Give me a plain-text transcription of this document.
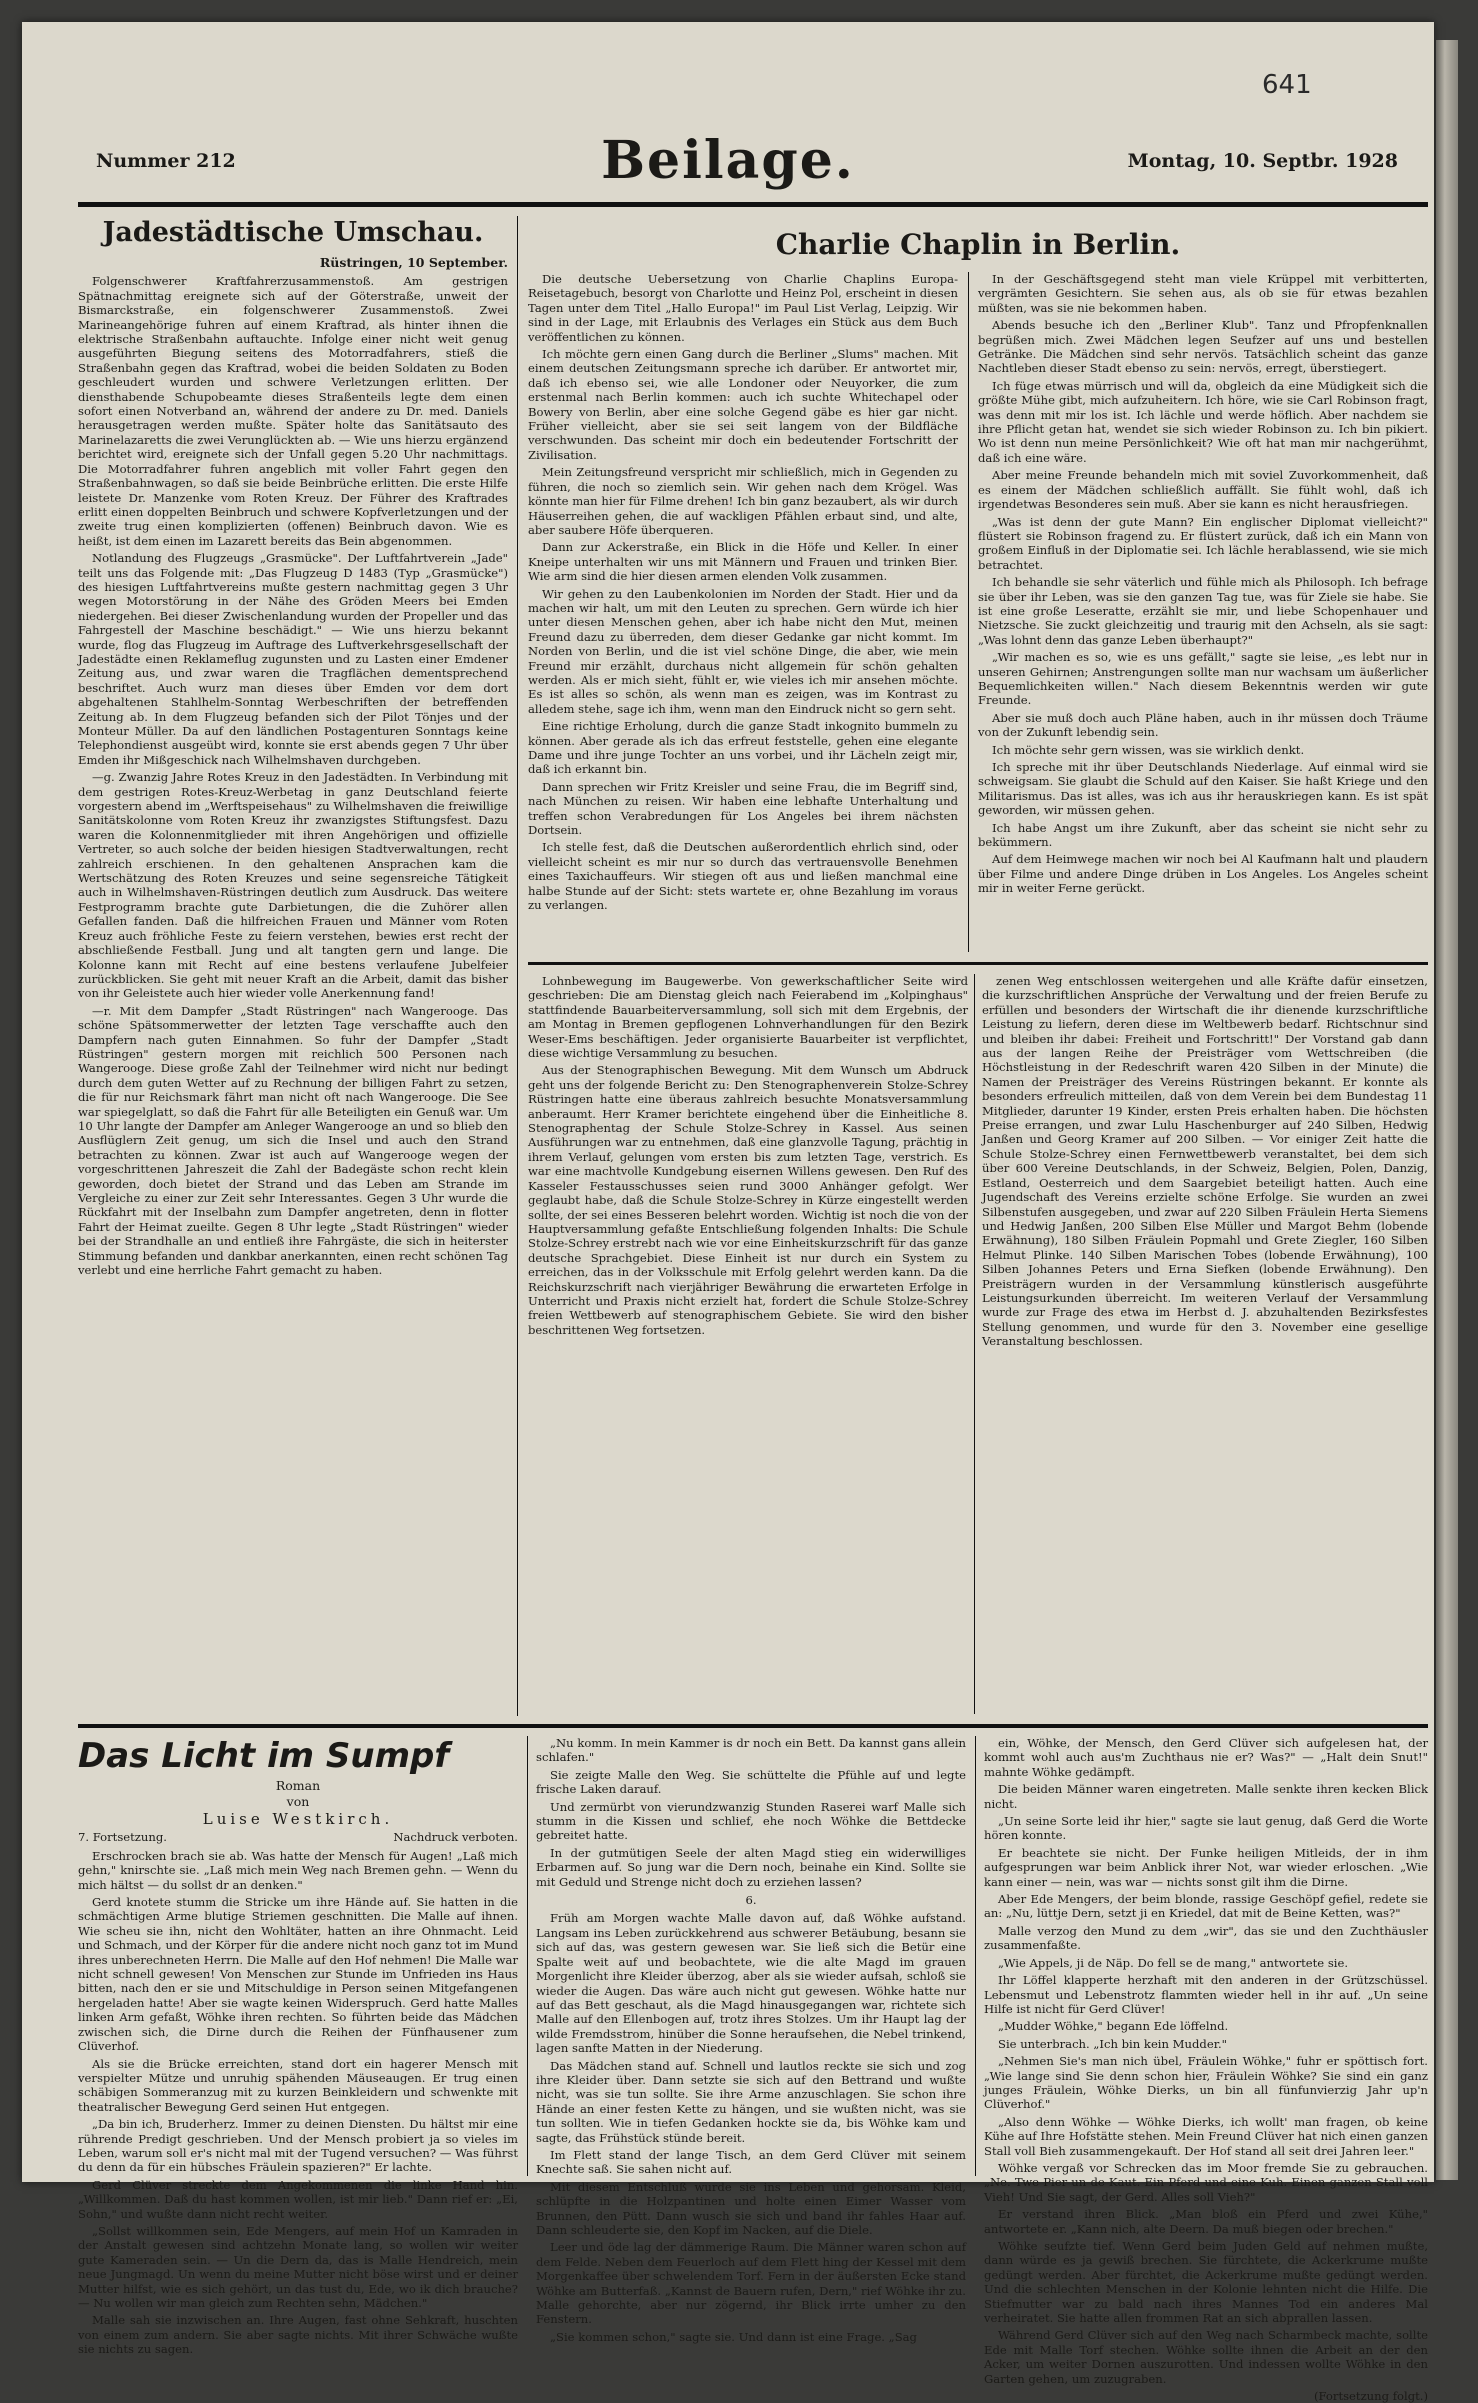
641
Nummer 212	Beilage.	Montag, 10. Septbr. 1928
Jadestädtische Umschau.
Rüstringen, 10 September.

Folgenschwerer Kraftfahrerzusammenstoß. Am gestrigen Spätnachmittag ereignete sich auf der Göterstraße, unweit der Bismarckstraße, ein folgenschwerer Zusammenstoß. Zwei Marineangehörige fuhren auf einem Kraftrad, als hinter ihnen die elektrische Straßenbahn auftauchte. Infolge einer nicht weit genug ausgeführten Biegung seitens des Motorradfahrers, stieß die Straßenbahn gegen das Kraftrad, wobei die beiden Soldaten zu Boden geschleudert wurden und schwere Verletzungen erlitten. Der diensthabende Schupobeamte dieses Straßenteils legte dem einen sofort einen Notverband an, während der andere zu Dr. med. Daniels herausgetragen werden mußte. Später holte das Sanitätsauto des Marinelazaretts die zwei Verunglückten ab. — Wie uns hierzu ergänzend berichtet wird, ereignete sich der Unfall gegen 5.20 Uhr nachmittags. Die Motorradfahrer fuhren angeblich mit voller Fahrt gegen den Straßenbahnwagen, so daß sie beide Beinbrüche erlitten. Die erste Hilfe leistete Dr. Manzenke vom Roten Kreuz. Der Führer des Kraftrades erlitt einen doppelten Beinbruch und schwere Kopfverletzungen und der zweite trug einen komplizierten (offenen) Beinbruch davon. Wie es heißt, ist dem einen im Lazarett bereits das Bein abgenommen.

Notlandung des Flugzeugs „Grasmücke". Der Luftfahrtverein „Jade" teilt uns das Folgende mit: „Das Flugzeug D 1483 (Typ „Grasmücke") des hiesigen Luftfahrtvereins mußte gestern nachmittag gegen 3 Uhr wegen Motorstörung in der Nähe des Gröden Meers bei Emden niedergehen. Bei dieser Zwischenlandung wurden der Propeller und das Fahrgestell der Maschine beschädigt." — Wie uns hierzu bekannt wurde, flog das Flugzeug im Auftrage des Luftverkehrsgesellschaft der Jadestädte einen Reklameflug zugunsten und zu Lasten einer Emdener Zeitung aus, und zwar waren die Tragflächen dementsprechend beschriftet. Auch wurz man dieses über Emden vor dem dort abgehaltenen Stahlhelm-Sonntag Werbeschriften der betreffenden Zeitung ab. In dem Flugzeug befanden sich der Pilot Tönjes und der Monteur Müller. Da auf den ländlichen Postagenturen Sonntags keine Telephondienst ausgeübt wird, konnte sie erst abends gegen 7 Uhr über Emden ihr Mißgeschick nach Wilhelmshaven durchgeben.

—g. Zwanzig Jahre Rotes Kreuz in den Jadestädten. In Verbindung mit dem gestrigen Rotes-Kreuz-Werbetag in ganz Deutschland feierte vorgestern abend im „Werftspeisehaus" zu Wilhelmshaven die freiwillige Sanitätskolonne vom Roten Kreuz ihr zwanzigstes Stiftungsfest. Dazu waren die Kolonnenmitglieder mit ihren Angehörigen und offizielle Vertreter, so auch solche der beiden hiesigen Stadtverwaltungen, recht zahlreich erschienen. In den gehaltenen Ansprachen kam die Wertschätzung des Roten Kreuzes und seine segensreiche Tätigkeit auch in Wilhelmshaven-Rüstringen deutlich zum Ausdruck. Das weitere Festprogramm brachte gute Darbietungen, die die Zuhörer allen Gefallen fanden. Daß die hilfreichen Frauen und Männer vom Roten Kreuz auch fröhliche Feste zu feiern verstehen, bewies erst recht der abschließende Festball. Jung und alt tangten gern und lange. Die Kolonne kann mit Recht auf eine bestens verlaufene Jubelfeier zurückblicken. Sie geht mit neuer Kraft an die Arbeit, damit das bisher von ihr Geleistete auch hier wieder volle Anerkennung fand!

—r. Mit dem Dampfer „Stadt Rüstringen" nach Wangerooge. Das schöne Spätsommerwetter der letzten Tage verschaffte auch den Dampfern nach guten Einnahmen. So fuhr der Dampfer „Stadt Rüstringen" gestern morgen mit reichlich 500 Personen nach Wangerooge. Diese große Zahl der Teilnehmer wird nicht nur bedingt durch dem guten Wetter auf zu Rechnung der billigen Fahrt zu setzen, die für nur Reichsmark fährt man nicht oft nach Wangerooge. Die See war spiegelglatt, so daß die Fahrt für alle Beteiligten ein Genuß war. Um 10 Uhr langte der Dampfer am Anleger Wangerooge an und so blieb den Ausflüglern Zeit genug, um sich die Insel und auch den Strand betrachten zu können. Zwar ist auch auf Wangerooge wegen der vorgeschrittenen Jahreszeit die Zahl der Badegäste schon recht klein geworden, doch bietet der Strand und das Leben am Strande im Vergleiche zu einer zur Zeit sehr Interessantes. Gegen 3 Uhr wurde die Rückfahrt mit der Inselbahn zum Dampfer angetreten, denn in flotter Fahrt der Heimat zueilte. Gegen 8 Uhr legte „Stadt Rüstringen" wieder bei der Strandhalle an und entließ ihre Fahrgäste, die sich in heiterster Stimmung befanden und dankbar anerkannten, einen recht schönen Tag verlebt und eine herrliche Fahrt gemacht zu haben.

Charlie Chaplin in Berlin.

Die deutsche Uebersetzung von Charlie Chaplins Europa-Reisetagebuch, besorgt von Charlotte und Heinz Pol, erscheint in diesen Tagen unter dem Titel „Hallo Europa!" im Paul List Verlag, Leipzig. Wir sind in der Lage, mit Erlaubnis des Verlages ein Stück aus dem Buch veröffentlichen zu können.

Ich möchte gern einen Gang durch die Berliner „Slums" machen. Mit einem deutschen Zeitungsmann spreche ich darüber. Er antwortet mir, daß ich ebenso sei, wie alle Londoner oder Neuyorker, die zum erstenmal nach Berlin kommen: auch ich suchte Whitechapel oder Bowery von Berlin, aber eine solche Gegend gäbe es hier gar nicht. Früher vielleicht, aber sie sei seit langem von der Bildfläche verschwunden. Das scheint mir doch ein bedeutender Fortschritt der Zivilisation.

Mein Zeitungsfreund verspricht mir schließlich, mich in Gegenden zu führen, die noch so ziemlich sein. Wir gehen nach dem Krögel. Was könnte man hier für Filme drehen! Ich bin ganz bezaubert, als wir durch Häuserreihen gehen, die auf wackligen Pfählen erbaut sind, und alte, aber saubere Höfe überqueren.

Dann zur Ackerstraße, ein Blick in die Höfe und Keller. In einer Kneipe unterhalten wir uns mit Männern und Frauen und trinken Bier. Wie arm sind die hier diesen armen elenden Volk zusammen.

Wir gehen zu den Laubenkolonien im Norden der Stadt. Hier und da machen wir halt, um mit den Leuten zu sprechen. Gern würde ich hier unter diesen Menschen gehen, aber ich habe nicht den Mut, meinen Freund dazu zu überreden, dem dieser Gedanke gar nicht kommt. Im Norden von Berlin, und die ist viel schöne Dinge, die aber, wie mein Freund mir erzählt, durchaus nicht allgemein für schön gehalten werden. Als er mich sieht, fühlt er, wie vieles ich mir ansehen möchte. Es ist alles so schön, als wenn man es zeigen, was im Kontrast zu alledem stehe, sage ich ihm, wenn man den Eindruck nicht so gern seht.

Eine richtige Erholung, durch die ganze Stadt inkognito bummeln zu können. Aber gerade als ich das erfreut feststelle, gehen eine elegante Dame und ihre junge Tochter an uns vorbei, und ihr Lächeln zeigt mir, daß ich erkannt bin.

Dann sprechen wir Fritz Kreisler und seine Frau, die im Begriff sind, nach München zu reisen. Wir haben eine lebhafte Unterhaltung und treffen schon Verabredungen für Los Angeles bei ihrem nächsten Dortsein.

Ich stelle fest, daß die Deutschen außerordentlich ehrlich sind, oder vielleicht scheint es mir nur so durch das vertrauensvolle Benehmen eines Taxichauffeurs. Wir stiegen oft aus und ließen manchmal eine halbe Stunde auf der Sicht: stets wartete er, ohne Bezahlung im voraus zu verlangen.

In der Geschäftsgegend steht man viele Krüppel mit verbitterten, vergrämten Gesichtern. Sie sehen aus, als ob sie für etwas bezahlen müßten, was sie nie bekommen haben.

Abends besuche ich den „Berliner Klub". Tanz und Pfropfenknallen begrüßen mich. Zwei Mädchen legen Seufzer auf uns und bestellen Getränke. Die Mädchen sind sehr nervös. Tatsächlich scheint das ganze Nachtleben dieser Stadt ebenso zu sein: nervös, erregt, überstiegert.

Ich füge etwas mürrisch und will da, obgleich da eine Müdigkeit sich die größte Mühe gibt, mich aufzuheitern. Ich höre, wie sie Carl Robinson fragt, was denn mit mir los ist. Ich lächle und werde höflich. Aber nachdem sie ihre Pflicht getan hat, wendet sie sich wieder Robinson zu. Ich bin pikiert. Wo ist denn nun meine Persönlichkeit? Wie oft hat man mir nachgerühmt, daß ich eine wäre.

Aber meine Freunde behandeln mich mit soviel Zuvorkommenheit, daß es einem der Mädchen schließlich auffällt. Sie fühlt wohl, daß ich irgendetwas Besonderes sein muß. Aber sie kann es nicht herausfriegen.

„Was ist denn der gute Mann? Ein englischer Diplomat vielleicht?" flüstert sie Robinson fragend zu. Er flüstert zurück, daß ich ein Mann von großem Einfluß in der Diplomatie sei. Ich lächle herablassend, wie sie mich betrachtet.

Ich behandle sie sehr väterlich und fühle mich als Philosoph. Ich befrage sie über ihr Leben, was sie den ganzen Tag tue, was für Ziele sie habe. Sie ist eine große Leseratte, erzählt sie mir, und liebe Schopenhauer und Nietzsche. Sie zuckt gleichzeitig und traurig mit den Achseln, als sie sagt: „Was lohnt denn das ganze Leben überhaupt?"

„Wir machen es so, wie es uns gefällt," sagte sie leise, „es lebt nur in unseren Gehirnen; Anstrengungen sollte man nur wachsam um äußerlicher Bequemlichkeiten willen." Nach diesem Bekenntnis werden wir gute Freunde.

Aber sie muß doch auch Pläne haben, auch in ihr müssen doch Träume von der Zukunft lebendig sein.

Ich möchte sehr gern wissen, was sie wirklich denkt.

Ich spreche mit ihr über Deutschlands Niederlage. Auf einmal wird sie schweigsam. Sie glaubt die Schuld auf den Kaiser. Sie haßt Kriege und den Militarismus. Das ist alles, was ich aus ihr herauskriegen kann. Es ist spät geworden, wir müssen gehen.

Ich habe Angst um ihre Zukunft, aber das scheint sie nicht sehr zu bekümmern.

Auf dem Heimwege machen wir noch bei Al Kaufmann halt und plaudern über Filme und andere Dinge drüben in Los Angeles. Los Angeles scheint mir in weiter Ferne gerückt.

Lohnbewegung im Baugewerbe. Von gewerkschaftlicher Seite wird geschrieben: Die am Dienstag gleich nach Feierabend im „Kolpinghaus" stattfindende Bauarbeiterversammlung, soll sich mit dem Ergebnis, der am Montag in Bremen gepflogenen Lohnverhandlungen für den Bezirk Weser-Ems beschäftigen. Jeder organisierte Bauarbeiter ist verpflichtet, diese wichtige Versammlung zu besuchen.

Aus der Stenographischen Bewegung. Mit dem Wunsch um Abdruck geht uns der folgende Bericht zu: Den Stenographenverein Stolze-Schrey Rüstringen hatte eine überaus zahlreich besuchte Monatsversammlung anberaumt. Herr Kramer berichtete eingehend über die Einheitliche 8. Stenographentag der Schule Stolze-Schrey in Kassel. Aus seinen Ausführungen war zu entnehmen, daß eine glanzvolle Tagung, prächtig in ihrem Verlauf, gelungen vom ersten bis zum letzten Tage, verstrich. Es war eine machtvolle Kundgebung eisernen Willens gewesen. Den Ruf des Kasseler Festausschusses seien rund 3000 Anhänger gefolgt. Wer geglaubt habe, daß die Schule Stolze-Schrey in Kürze eingestellt werden sollte, der sei eines Besseren belehrt worden. Wichtig ist noch die von der Hauptversammlung gefaßte Entschließung folgenden Inhalts: Die Schule Stolze-Schrey erstrebt nach wie vor eine Einheitskurzschrift für das ganze deutsche Sprachgebiet. Diese Einheit ist nur durch ein System zu erreichen, das in der Volksschule mit Erfolg gelehrt werden kann. Da die Reichskurzschrift nach vierjähriger Bewährung die erwarteten Erfolge in Unterricht und Praxis nicht erzielt hat, fordert die Schule Stolze-Schrey freien Wettbewerb auf stenographischem Gebiete. Sie wird den bisher beschrittenen Weg fortsetzen.

zenen Weg entschlossen weitergehen und alle Kräfte dafür einsetzen, die kurzschriftlichen Ansprüche der Verwaltung und der freien Berufe zu erfüllen und besonders der Wirtschaft die ihr dienende kurzschriftliche Leistung zu liefern, deren diese im Weltbewerb bedarf. Richtschnur sind und bleiben ihr dabei: Freiheit und Fortschritt!" Der Vorstand gab dann aus der langen Reihe der Preisträger vom Wettschreiben (die Höchstleistung in der Redeschrift waren 420 Silben in der Minute) die Namen der Preisträger des Vereins Rüstringen bekannt. Er konnte als besonders erfreulich mitteilen, daß von dem Verein bei dem Bundestag 11 Mitglieder, darunter 19 Kinder, ersten Preis erhalten haben. Die höchsten Preise errangen, und zwar Lulu Haschenburger auf 240 Silben, Hedwig Janßen und Georg Kramer auf 200 Silben. — Vor einiger Zeit hatte die Schule Stolze-Schrey einen Fernwettbewerb veranstaltet, bei dem sich über 600 Vereine Deutschlands, in der Schweiz, Belgien, Polen, Danzig, Estland, Oesterreich und dem Saargebiet beteiligt hatten. Auch eine Jugendschaft des Vereins erzielte schöne Erfolge. Sie wurden an zwei Silbenstufen ausgegeben, und zwar auf 220 Silben Fräulein Herta Siemens und Hedwig Janßen, 200 Silben Else Müller und Margot Behm (lobende Erwähnung), 180 Silben Fräulein Popmahl und Grete Ziegler, 160 Silben Helmut Plinke. 140 Silben Marischen Tobes (lobende Erwähnung), 100 Silben Johannes Peters und Erna Siefken (lobende Erwähnung). Den Preisträgern wurden in der Versammlung künstlerisch ausgeführte Leistungsurkunden überreicht. Im weiteren Verlauf der Versammlung wurde zur Frage des etwa im Herbst d. J. abzuhaltenden Bezirksfestes Stellung genommen, und wurde für den 3. November eine gesellige Veranstaltung beschlossen.

Das Licht im Sumpf
Roman
von
Luise Westkirch.
7. Fortsetzung.	Nachdruck verboten.

Erschrocken brach sie ab. Was hatte der Mensch für Augen! „Laß mich gehn," knirschte sie. „Laß mich mein Weg nach Bremen gehn. — Wenn du mich hältst — du sollst dr an denken."

Gerd knotete stumm die Stricke um ihre Hände auf. Sie hatten in die schmächtigen Arme blutige Striemen geschnitten. Die Malle auf ihnen. Wie scheu sie ihn, nicht den Wohltäter, hatten an ihre Ohnmacht. Leid und Schmach, und der Körper für die andere nicht noch ganz tot im Mund ihres unberechneten Herrn. Die Malle auf den Hof nehmen! Die Malle war nicht schnell gewesen! Von Menschen zur Stunde im Unfrieden ins Haus bitten, nach den er sie und Mitschuldige in Person seinen Mitgefangenen hergeladen hatte! Aber sie wagte keinen Widerspruch. Gerd hatte Malles linken Arm gefaßt, Wöhke ihren rechten. So führten beide das Mädchen zwischen sich, die Dirne durch die Reihen der Fünfhausener zum Clüverhof.

Als sie die Brücke erreichten, stand dort ein hagerer Mensch mit verspielter Mütze und unruhig spähenden Mäuseaugen. Er trug einen schäbigen Sommeranzug mit zu kurzen Beinkleidern und schwenkte mit theatralischer Bewegung Gerd seinen Hut entgegen.

„Da bin ich, Bruderherz. Immer zu deinen Diensten. Du hältst mir eine rührende Predigt geschrieben. Und der Mensch probiert ja so vieles im Leben, warum soll er's nicht mal mit der Tugend versuchen? — Was führst du denn da für ein hübsches Fräulein spazieren?" Er lachte.

Gerd Clüver streckte dem Angekommenen die linke Hand hin. „Willkommen. Daß du hast kommen wollen, ist mir lieb." Dann rief er: „Ei, Sohn," und wußte dann nicht recht weiter.

„Sollst willkommen sein, Ede Mengers, auf mein Hof un Kamraden in der Anstalt gewesen sind achtzehn Monate lang, so wollen wir weiter gute Kameraden sein. — Un die Dern da, das is Malle Hendreich, mein neue Jungmagd. Un wenn du meine Mutter nicht böse wirst und er deiner Mutter hilfst, wie es sich gehört, un das tust du, Ede, wo ik dich brauche? — Nu wollen wir man gleich zum Rechten sehn, Mädchen."

Malle sah sie inzwischen an. Ihre Augen, fast ohne Sehkraft, huschten von einem zum andern. Sie aber sagte nichts. Mit ihrer Schwäche wußte sie nichts zu sagen.

„Nu komm. In mein Kammer is dr noch ein Bett. Da kannst gans allein schlafen."

Sie zeigte Malle den Weg. Sie schüttelte die Pfühle auf und legte frische Laken darauf.

Und zermürbt von vierundzwanzig Stunden Raserei warf Malle sich stumm in die Kissen und schlief, ehe noch Wöhke die Bettdecke gebreitet hatte.

In der gutmütigen Seele der alten Magd stieg ein widerwilliges Erbarmen auf. So jung war die Dern noch, beinahe ein Kind. Sollte sie mit Geduld und Strenge nicht doch zu erziehen lassen?

6.

Früh am Morgen wachte Malle davon auf, daß Wöhke aufstand. Langsam ins Leben zurückkehrend aus schwerer Betäubung, besann sie sich auf das, was gestern gewesen war. Sie ließ sich die Betür eine Spalte weit auf und beobachtete, wie die alte Magd im grauen Morgenlicht ihre Kleider überzog, aber als sie wieder aufsah, schloß sie wieder die Augen. Das wäre auch nicht gut gewesen. Wöhke hatte nur auf das Bett geschaut, als die Magd hinausgegangen war, richtete sich Malle auf den Ellenbogen auf, trotz ihres Stolzes. Um ihr Haupt lag der wilde Fremdsstrom, hinüber die Sonne heraufsehen, die Nebel trinkend, lagen sanfte Matten in der Niederung.

Das Mädchen stand auf. Schnell und lautlos reckte sie sich und zog ihre Kleider über. Dann setzte sie sich auf den Bettrand und wußte nicht, was sie tun sollte. Sie ihre Arme anzuschlagen. Sie schon ihre Hände an einer festen Kette zu hängen, und sie wußten nicht, was sie tun sollten. Wie in tiefen Gedanken hockte sie da, bis Wöhke kam und sagte, das Frühstück stünde bereit.

Im Flett stand der lange Tisch, an dem Gerd Clüver mit seinem Knechte saß. Sie sahen nicht auf.

Mit diesem Entschluß wurde sie ins Leben und gehorsam. Kleid, schlüpfte in die Holzpantinen und holte einen Eimer Wasser vom Brunnen, den Pütt. Dann wusch sie sich und band ihr fahles Haar auf. Dann schleuderte sie, den Kopf im Nacken, auf die Diele.

Leer und öde lag der dämmerige Raum. Die Männer waren schon auf dem Felde. Neben dem Feuerloch auf dem Flett hing der Kessel mit dem Morgenkaffee über schwelendem Torf. Fern in der äußersten Ecke stand Wöhke am Butterfaß. „Kannst de Bauern rufen, Dern," rief Wöhke ihr zu. Malle gehorchte, aber nur zögernd, ihr Blick irrte umher zu den Fenstern.

„Sie kommen schon," sagte sie. Und dann ist eine Frage. „Sag

ein, Wöhke, der Mensch, den Gerd Clüver sich aufgelesen hat, der kommt wohl auch aus'm Zuchthaus nie er? Was?" — „Halt dein Snut!" mahnte Wöhke gedämpft.

Die beiden Männer waren eingetreten. Malle senkte ihren kecken Blick nicht.

„Un seine Sorte leid ihr hier," sagte sie laut genug, daß Gerd die Worte hören konnte.

Er beachtete sie nicht. Der Funke heiligen Mitleids, der in ihm aufgesprungen war beim Anblick ihrer Not, war wieder erloschen. „Wie kann einer — nein, was war — nichts sonst gilt ihm die Dirne.

Aber Ede Mengers, der beim blonde, rassige Geschöpf gefiel, redete sie an: „Nu, lüttje Dern, setzt ji en Kriedel, dat mit de Beine Ketten, was?"

Malle verzog den Mund zu dem „wir", das sie und den Zuchthäusler zusammenfaßte.

„Wie Appels, ji de Näp. Do fell se de mang," antwortete sie.

Ihr Löffel klapperte herzhaft mit den anderen in der Grützschüssel. Lebensmut und Lebenstrotz flammten wieder hell in ihr auf. „Un seine Hilfe ist nicht für Gerd Clüver!

„Mudder Wöhke," begann Ede löffelnd.

Sie unterbrach. „Ich bin kein Mudder."

„Nehmen Sie's man nich übel, Fräulein Wöhke," fuhr er spöttisch fort. „Wie lange sind Sie denn schon hier, Fräulein Wöhke? Sie sind ein ganz junges Fräulein, Wöhke Dierks, un bin all fünfunvierzig Jahr up'n Clüverhof."

„Also denn Wöhke — Wöhke Dierks, ich wollt' man fragen, ob keine Kühe auf Ihre Hofstätte stehen. Mein Freund Clüver hat nich einen ganzen Stall voll Bieh zusammengekauft. Der Hof stand all seit drei Jahren leer."

Wöhke vergaß vor Schrecken das im Moor fremde Sie zu gebrauchen. „Ne. Twe Pier un de Kaut. Ein Pferd und eine Kuh. Einen ganzen Stall voll Vieh! Und Sie sagt, der Gerd. Alles soll Vieh?"

Er verstand ihren Blick. „Man bloß ein Pferd und zwei Kühe," antwortete er. „Kann nich, alte Deern. Da muß biegen oder brechen."

Wöhke seufzte tief. Wenn Gerd beim Juden Geld auf nehmen mußte, dann würde es ja gewiß brechen. Sie fürchtete, die Ackerkrume mußte gedüngt werden. Aber fürchtet, die Ackerkrume mußte gedüngt werden. Und die schlechten Menschen in der Kolonie lehnten nicht die Hilfe. Die Stiefmutter war zu bald nach ihres Mannes Tod ein anderes Mal verheiratet. Sie hatte allen frommen Rat an sich abprallen lassen.

Während Gerd Clüver sich auf den Weg nach Scharmbeck machte, sollte Ede mit Malle Torf stechen. Wöhke sollte ihnen die Arbeit an der den Acker, um weiter Dornen auszurotten. Und indessen wollte Wöhke in den Garten gehen, um zuzugraben.

(Fortsetzung folgt.)
